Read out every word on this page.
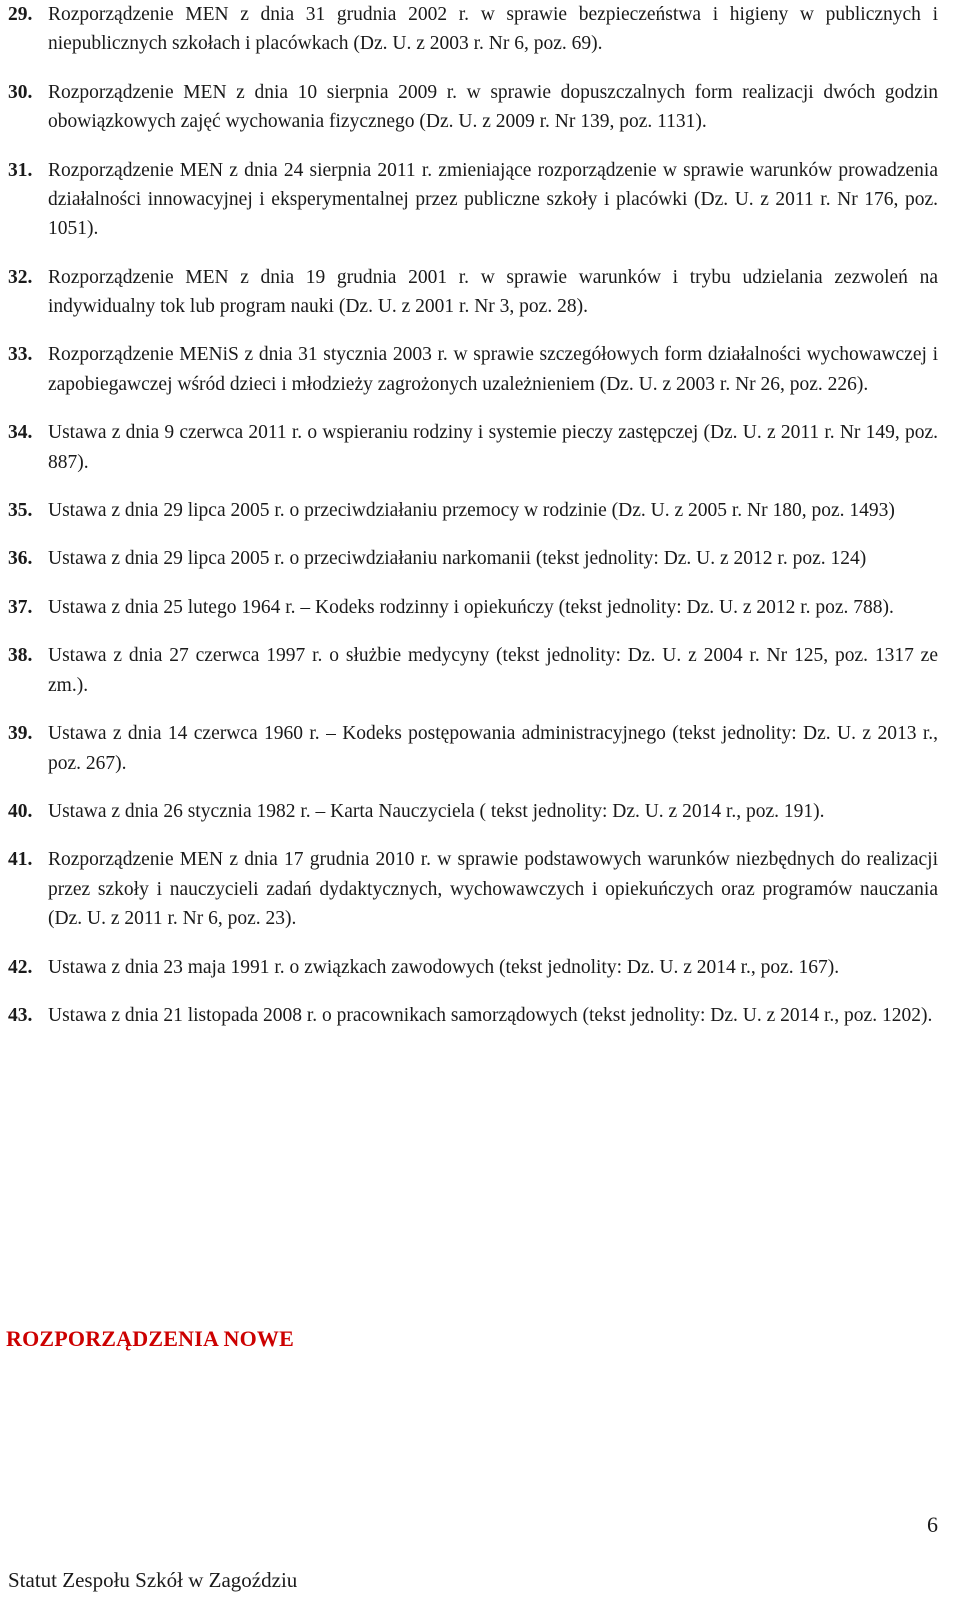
29. Rozporządzenie MEN z dnia 31 grudnia 2002 r. w sprawie bezpieczeństwa i higieny w publicznych i niepublicznych szkołach i placówkach (Dz. U. z 2003 r. Nr 6, poz. 69).
30. Rozporządzenie MEN z dnia 10 sierpnia 2009 r. w sprawie dopuszczalnych form realizacji dwóch godzin obowiązkowych zajęć wychowania fizycznego (Dz. U. z 2009 r. Nr 139, poz. 1131).
31. Rozporządzenie MEN z dnia 24 sierpnia 2011 r. zmieniające rozporządzenie w sprawie warunków prowadzenia działalności innowacyjnej i eksperymentalnej przez publiczne szkoły i placówki (Dz. U. z 2011 r. Nr 176, poz. 1051).
32. Rozporządzenie MEN z dnia 19 grudnia 2001 r. w sprawie warunków i trybu udzielania zezwoleń na indywidualny tok lub program nauki (Dz. U. z 2001 r. Nr 3, poz. 28).
33. Rozporządzenie MENiS z dnia 31 stycznia 2003 r. w sprawie szczegółowych form działalności wychowawczej i zapobiegawczej wśród dzieci i młodzieży zagrożonych uzależnieniem (Dz. U. z 2003 r. Nr 26, poz. 226).
34. Ustawa z dnia 9 czerwca 2011 r. o wspieraniu rodziny i systemie pieczy zastępczej (Dz. U. z 2011 r. Nr 149, poz. 887).
35. Ustawa z dnia 29 lipca 2005 r. o przeciwdziałaniu przemocy w rodzinie (Dz. U. z 2005 r. Nr 180, poz. 1493)
36. Ustawa z dnia 29 lipca 2005 r. o przeciwdziałaniu narkomanii (tekst jednolity: Dz. U. z 2012 r. poz. 124)
37. Ustawa z dnia 25 lutego 1964 r. – Kodeks rodzinny i opiekuńczy (tekst jednolity: Dz. U. z 2012 r. poz. 788).
38. Ustawa z dnia 27 czerwca 1997 r. o służbie medycyny (tekst jednolity: Dz. U. z 2004 r. Nr 125, poz. 1317 ze zm.).
39. Ustawa z dnia 14 czerwca 1960 r. – Kodeks postępowania administracyjnego (tekst jednolity: Dz. U. z 2013 r., poz. 267).
40. Ustawa z dnia 26 stycznia 1982 r. – Karta Nauczyciela ( tekst jednolity: Dz. U. z 2014 r., poz. 191).
41. Rozporządzenie MEN z dnia 17 grudnia 2010 r. w sprawie podstawowych warunków niezbędnych do realizacji przez szkoły i nauczycieli zadań dydaktycznych, wychowawczych i opiekuńczych oraz programów nauczania (Dz. U. z 2011 r. Nr 6, poz. 23).
42. Ustawa z dnia 23 maja 1991 r. o związkach zawodowych (tekst jednolity: Dz. U. z 2014 r., poz. 167).
43. Ustawa z dnia 21 listopada 2008 r. o pracownikach samorządowych (tekst jednolity: Dz. U. z 2014 r., poz. 1202).
ROZPORZĄDZENIA NOWE
6
Statut Zespołu Szkół w Zagoździu
